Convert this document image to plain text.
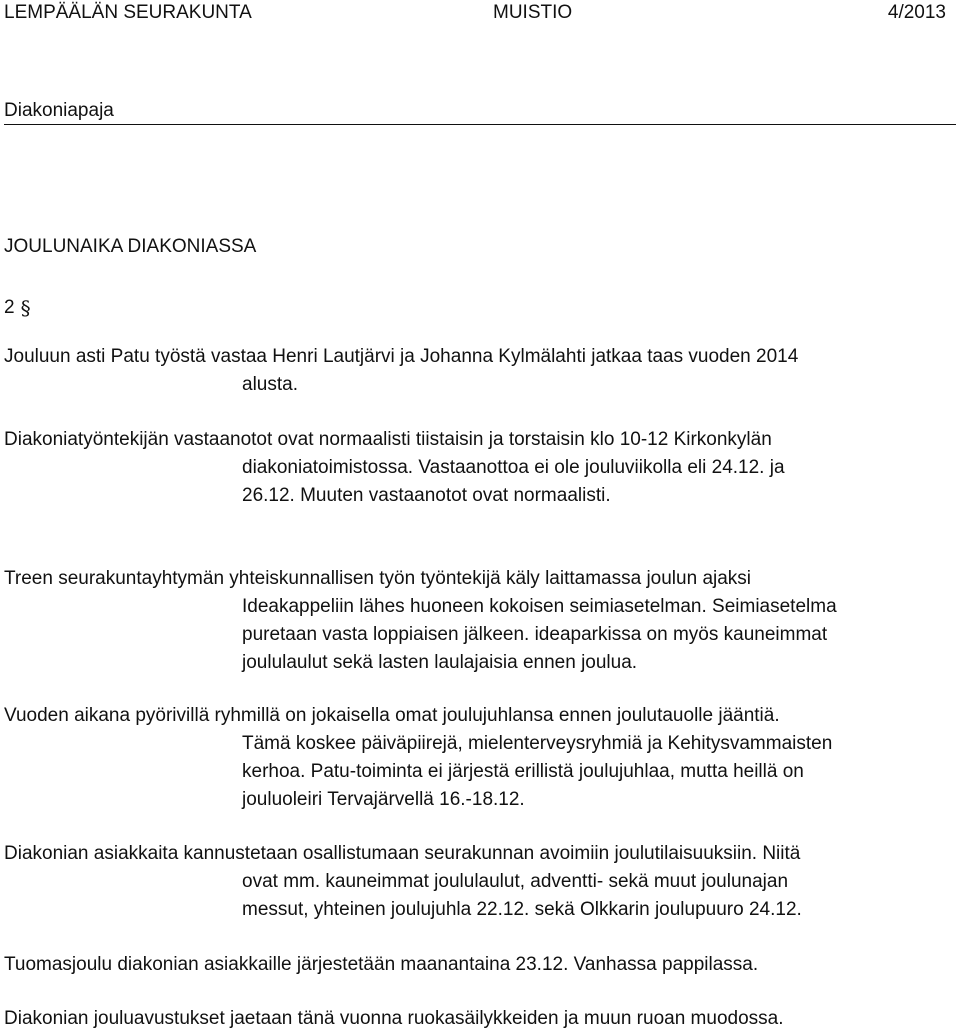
LEMPÄÄLÄN SEURAKUNTA	MUISTIO	4/2013
Diakoniapaja
JOULUNAIKA DIAKONIASSA
2 §
Jouluun asti Patu työstä vastaa Henri Lautjärvi ja Johanna Kylmälahti jatkaa taas vuoden 2014
alusta.
Diakoniatyöntekijän vastaanotot ovat normaalisti tiistaisin ja torstaisin klo 10-12 Kirkonkylän
diakoniatoimistossa. Vastaanottoa ei ole jouluviikolla eli 24.12. ja
26.12. Muuten vastaanotot ovat normaalisti.
Treen seurakuntayhtymän yhteiskunnallisen työn työntekijä käly laittamassa joulun ajaksi
Ideakappeliin lähes huoneen kokoisen seimiasetelman. Seimiasetelma
puretaan vasta loppiaisen jälkeen. ideaparkissa on myös kauneimmat
joululaulut sekä lasten laulajaisia ennen joulua.
Vuoden aikana pyörivillä ryhmillä on jokaisella omat joulujuhlansa ennen joulutauolle jääntiä.
Tämä koskee päiväpiirejä, mielenterveysryhmiä ja Kehitysvammaisten
kerhoa. Patu-toiminta ei järjestä erillistä joulujuhlaa, mutta heillä on
jouluoleiri Tervajärvellä 16.-18.12.
Diakonian asiakkaita kannustetaan osallistumaan seurakunnan avoimiin joulutilaisuuksiin. Niitä
ovat mm. kauneimmat joululaulut, adventti- sekä muut joulunajan
messut, yhteinen joulujuhla 22.12. sekä Olkkarin joulupuuro 24.12.
Tuomasjoulu diakonian asiakkaille järjestetään maanantaina 23.12. Vanhassa pappilassa.
Diakonian jouluavustukset jaetaan tänä vuonna ruokasäilykkeiden ja muun ruoan muodossa.
